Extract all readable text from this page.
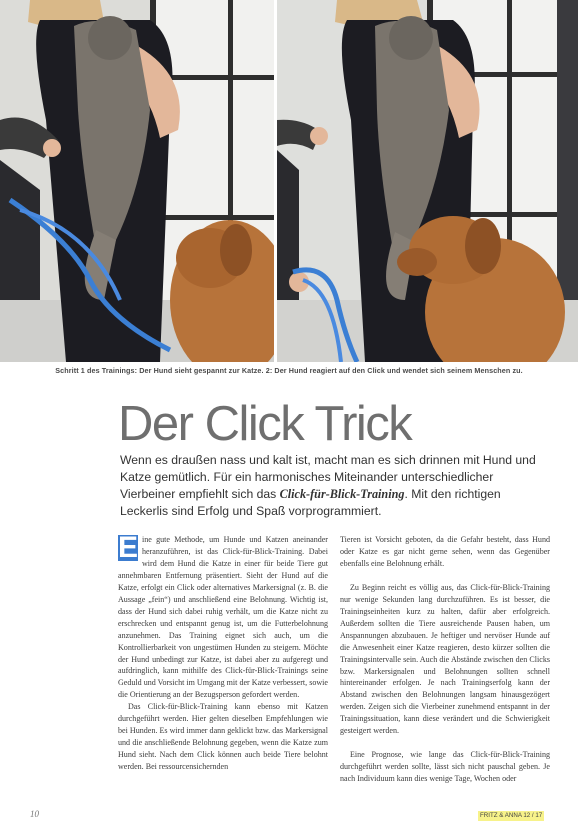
Schritt 1 des Trainings: Der Hund sieht gespannt zur Katze. 2: Der Hund reagiert auf den Click und wendet sich seinem Menschen zu.
Der Click Trick
Wenn es draußen nass und kalt ist, macht man es sich drinnen mit Hund und Katze gemütlich. Für ein harmonisches Miteinander unterschiedlicher Vierbeiner empfiehlt sich das Click-für-Blick-Training. Mit den richtigen Leckerlis sind Erfolg und Spaß vorprogrammiert.

E ine gute Methode, um Hunde und Katzen aneinander heranzuführen, ist das Click-für-Blick-Training. Dabei wird dem Hund die Katze in einer für beide Tiere gut annehmbaren Entfernung präsentiert. Sieht der Hund auf die Katze, erfolgt ein Click oder alternatives Markersignal (z. B. die Aussage „fein“) und anschließend eine Belohnung. Wichtig ist, dass der Hund sich dabei ruhig verhält, um die Katze nicht zu erschrecken und entspannt genug ist, um die Futterbelohnung anzunehmen. Das Training eignet sich auch, um die Kontrollierbarkeit von ungestümen Hunden zu steigern. Möchte der Hund unbedingt zur Katze, ist dabei aber zu aufgeregt und aufdringlich, kann mithilfe des Click-für-Blick-Trainings seine Geduld und Vorsicht im Umgang mit der Katze verbessert, sowie die Orientierung an der Bezugsperson gefordert werden.

Das Click-für-Blick-Training kann ebenso mit Katzen durchgeführt werden. Hier gelten dieselben Empfehlungen wie bei Hunden. Es wird immer dann geklickt bzw. das Markersignal und die anschließende Belohnung gegeben, wenn die Katze zum Hund sieht. Nach dem Click können auch beide Tiere belohnt werden. Bei ressourcensichernden

Tieren ist Vorsicht geboten, da die Gefahr besteht, dass Hund oder Katze es gar nicht gerne sehen, wenn das Gegenüber ebenfalls eine Belohnung erhält.

Zu Beginn reicht es völlig aus, das Click-für-Blick-Training nur wenige Sekunden lang durchzuführen. Es ist besser, die Trainingseinheiten kurz zu halten, dafür aber erfolgreich. Außerdem sollten die Tiere ausreichende Pausen haben, um Anspannungen abzubauen. Je heftiger und nervöser Hunde auf die Anwesenheit einer Katze reagieren, desto kürzer sollten die Trainingsintervalle sein. Auch die Abstände zwischen den Clicks bzw. Markersignalen und Belohnungen sollten schnell hintereinander erfolgen. Je nach Trainingserfolg kann der Abstand zwischen den Belohnungen langsam hinausgezögert werden. Zeigen sich die Vierbeiner zunehmend entspannt in der Trainingssituation, kann diese verändert und die Schwierigkeit gesteigert werden.

Eine Prognose, wie lange das Click-für-Blick-Training durchgeführt werden sollte, lässt sich nicht pauschal geben. Je nach Individuum kann dies wenige Tage, Wochen oder

10	FRITZ & ANNA 12 / 17
